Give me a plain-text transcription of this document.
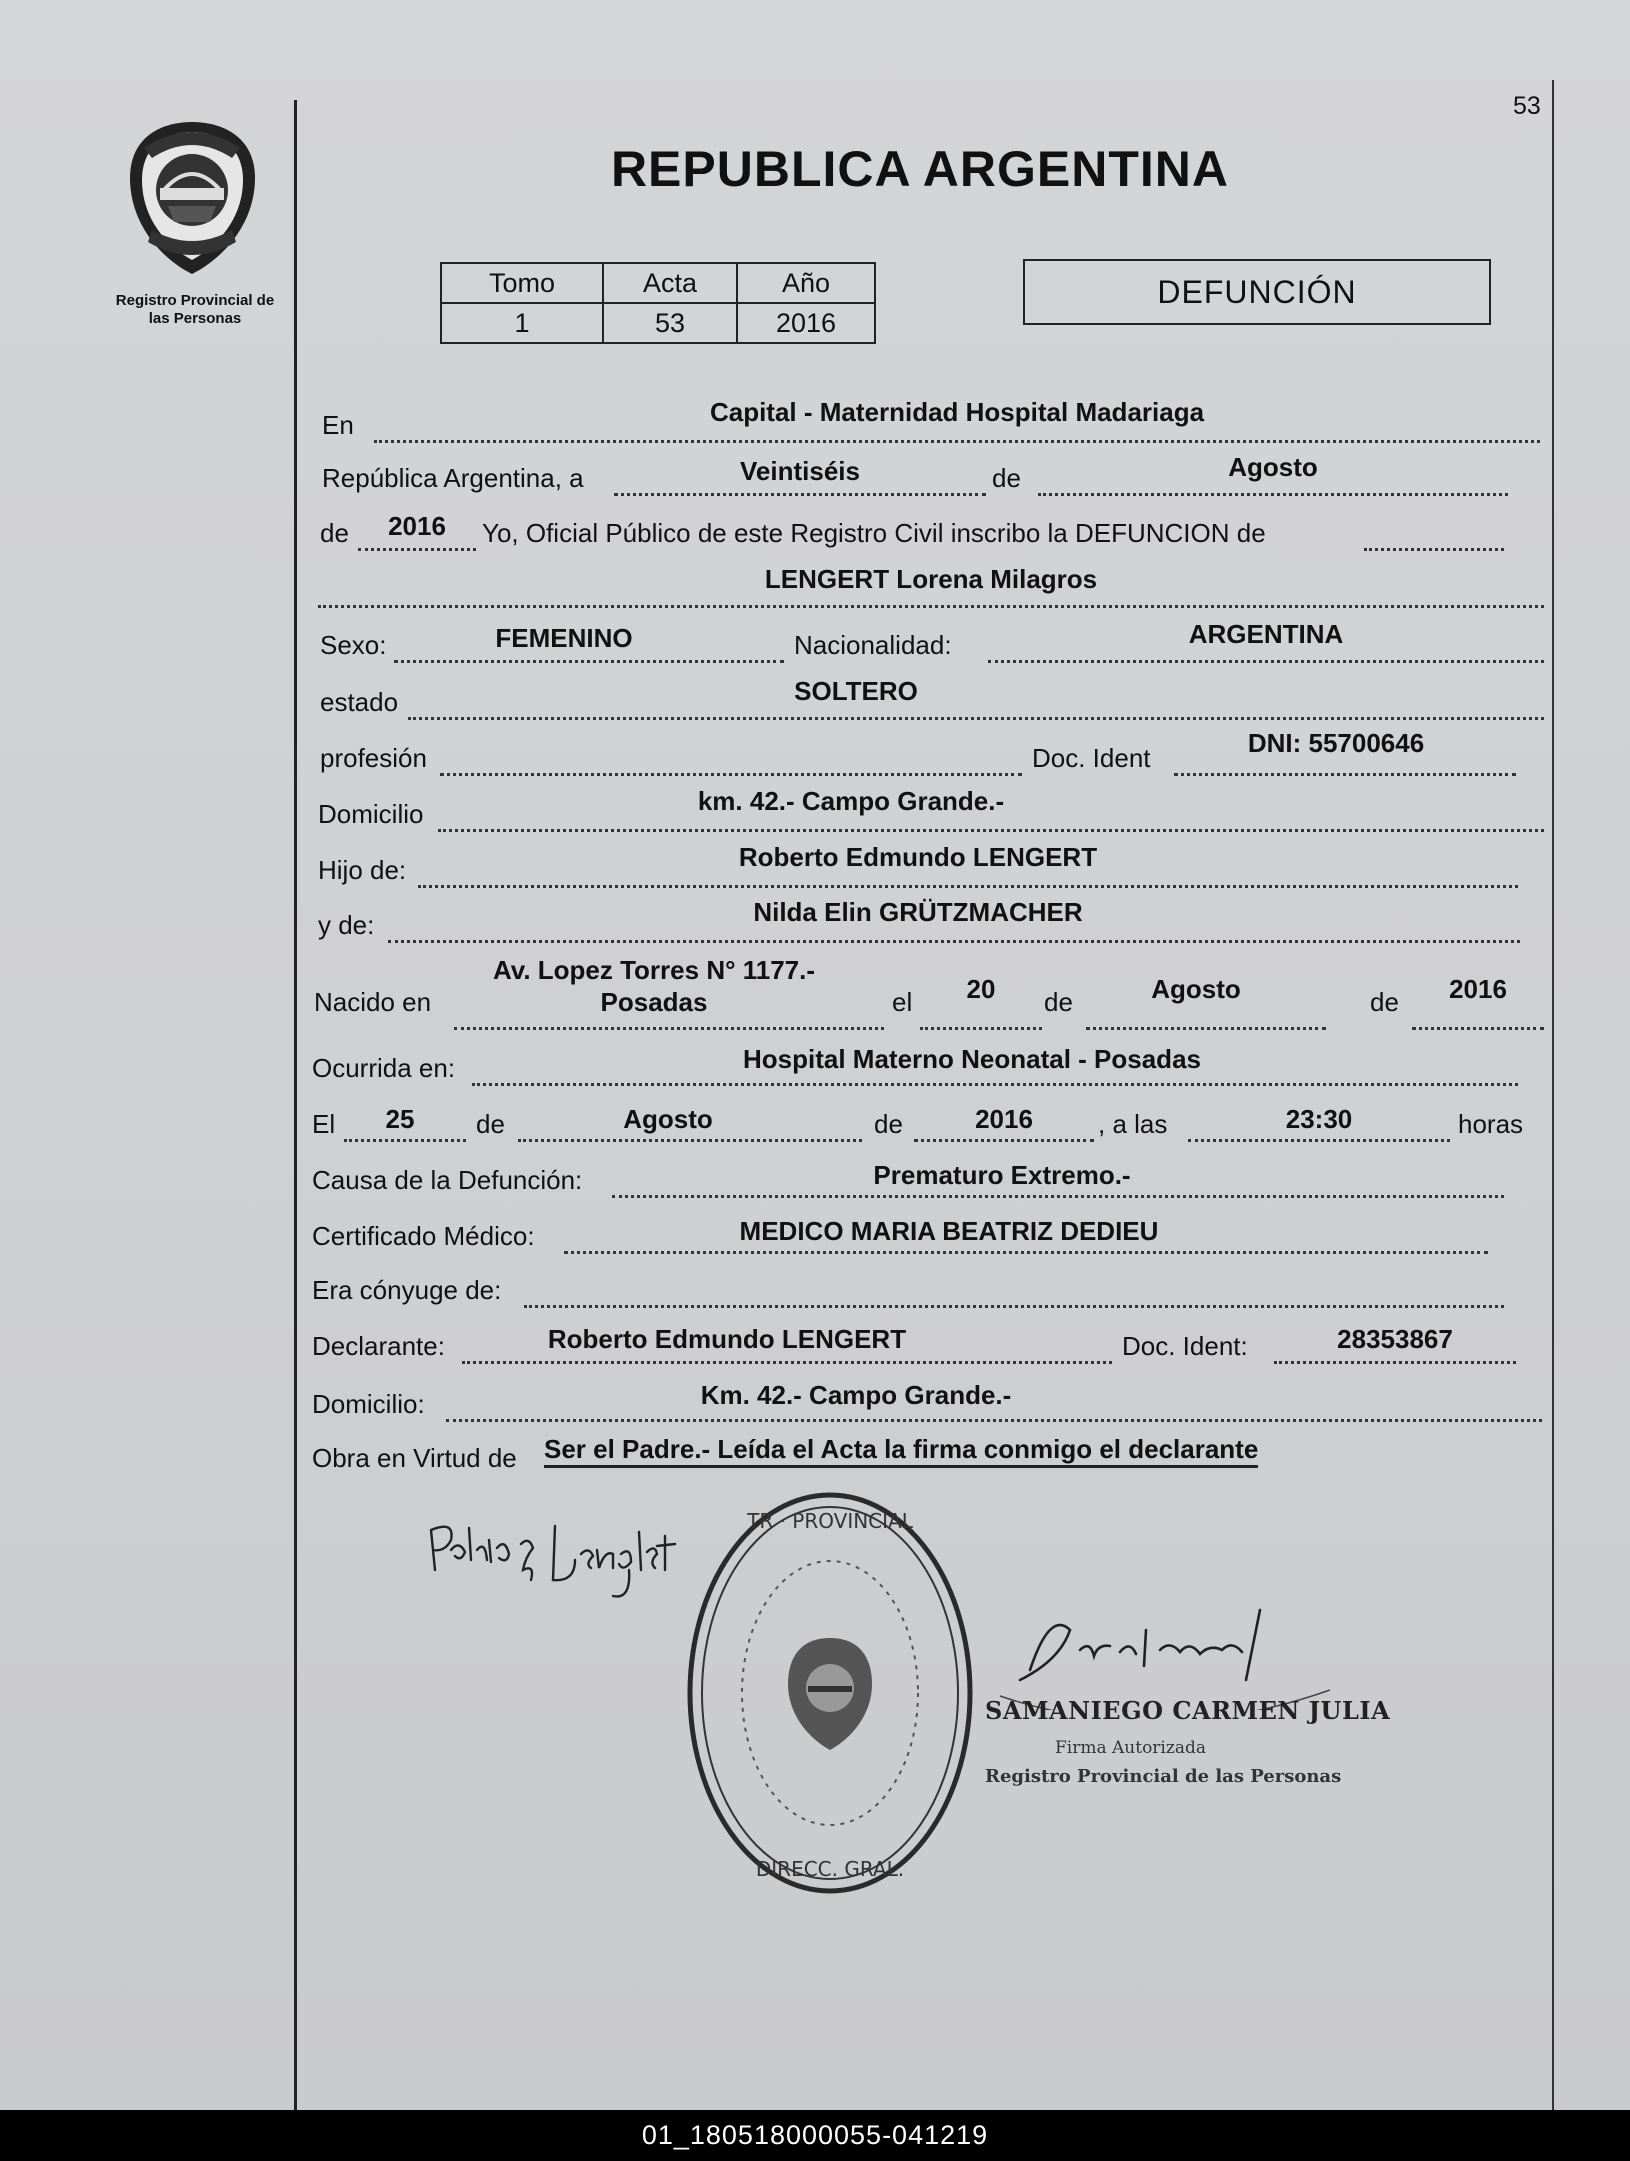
53
Registro Provincial de
las Personas
REPUBLICA ARGENTINA
Tomo	Acta	Año
1	53	2016
DEFUNCIÓN
En	Capital - Maternidad Hospital Madariaga
República Argentina, a	Veintiséis	de	Agosto
de	2016	Yo, Oficial Público de este Registro Civil inscribo la DEFUNCION de
LENGERT Lorena Milagros
Sexo:	FEMENINO	Nacionalidad:	ARGENTINA
estado	SOLTERO
profesión	Doc. Ident	DNI: 55700646
Domicilio	km. 42.- Campo Grande.-
Hijo de:	Roberto Edmundo LENGERT
y de:	Nilda Elin GRÜTZMACHER
Nacido en
Av. Lopez Torres N° 1177.-
Posadas	el	20	de	Agosto	de	2016
Ocurrida en:	Hospital Materno Neonatal - Posadas
El	25	de	Agosto	de	2016	, a las	23:30	horas
Causa de la Defunción:	Prematuro Extremo.-
Certificado Médico:	MEDICO MARIA BEATRIZ DEDIEU
Era cónyuge de:
Declarante:	Roberto Edmundo LENGERT	Doc. Ident:	28353867
Domicilio:	Km. 42.- Campo Grande.-
Obra en Virtud de Ser el Padre.- Leída el Acta la firma conmigo el declarante
TR · PROVINCIAL
DIRECC. GRAL.
SAMANIEGO CARMEN JULIA
Firma Autorizada
Registro Provincial de las Personas
01_180518000055-041219
